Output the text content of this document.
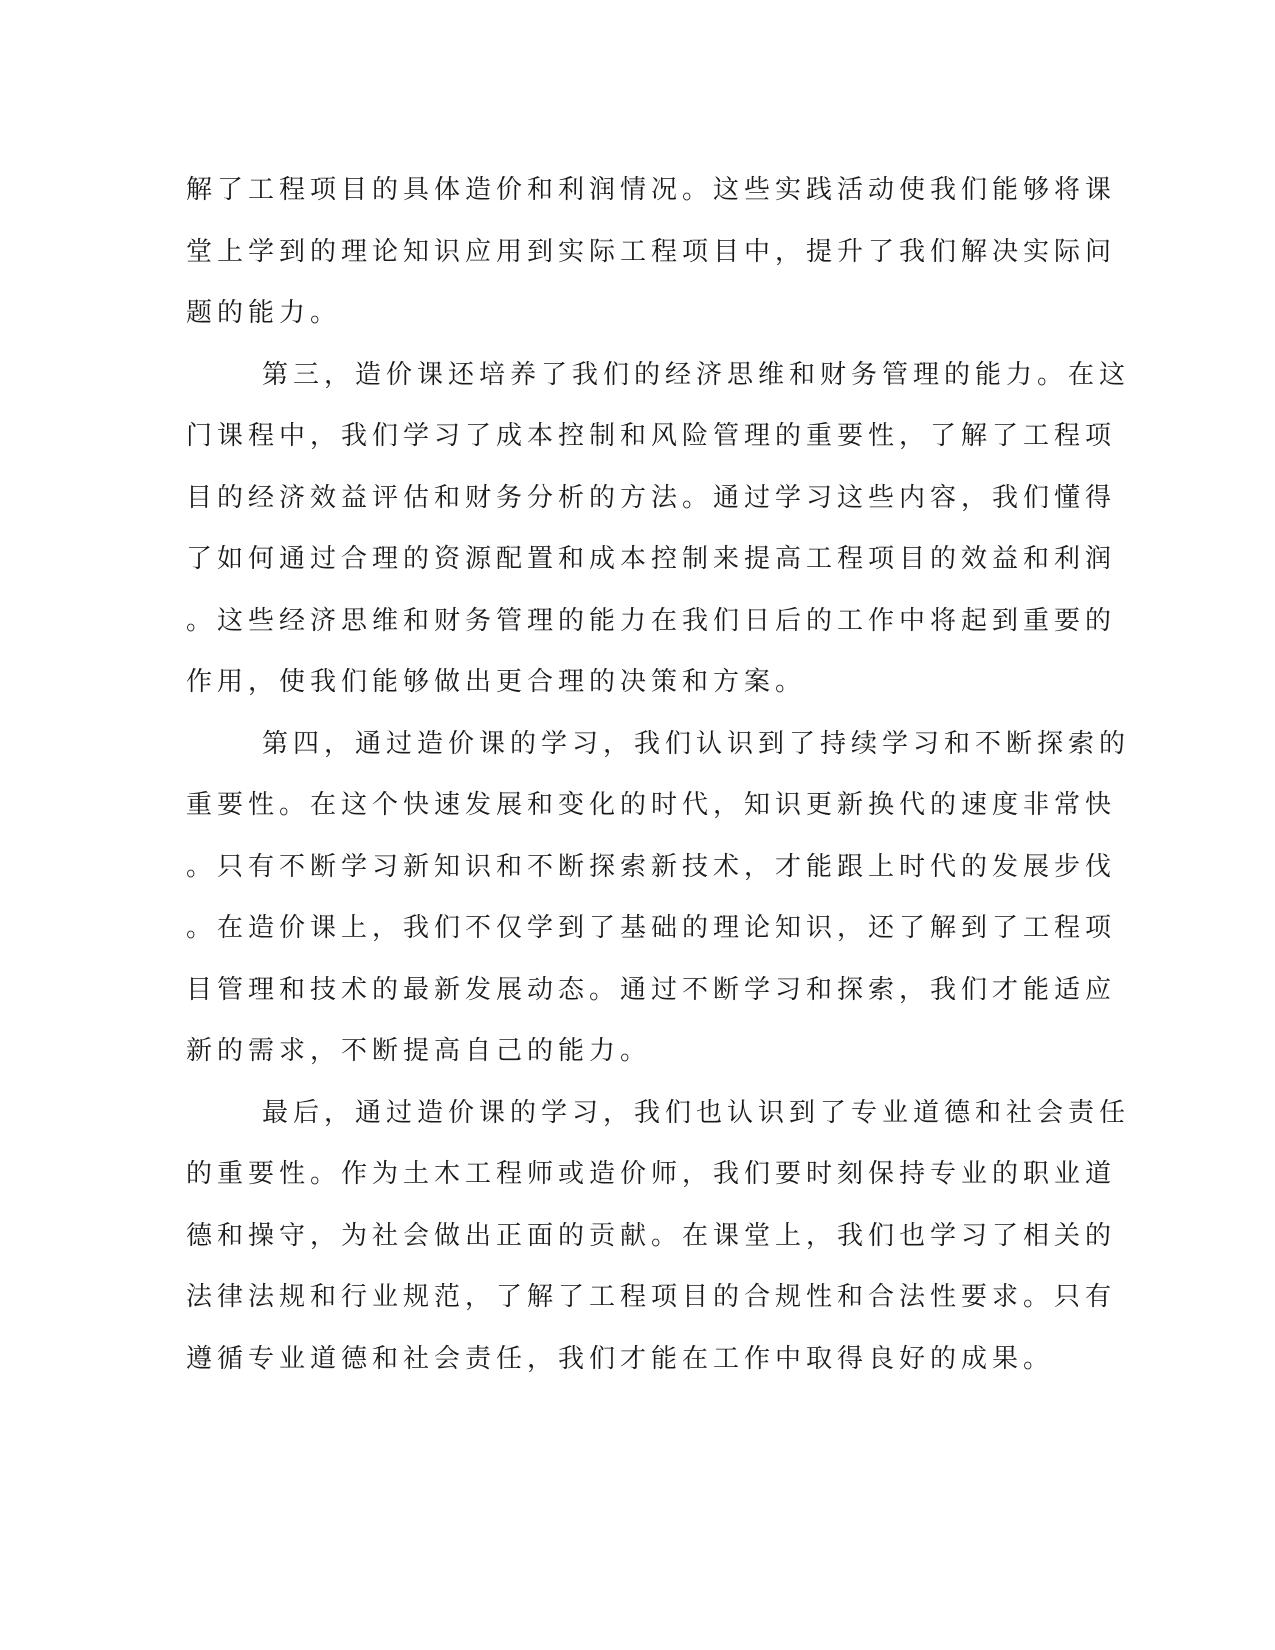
解了工程项目的具体造价和利润情况。这些实践活动使我们能够将课
堂上学到的理论知识应用到实际工程项目中，提升了我们解决实际问
题的能力。
第三，造价课还培养了我们的经济思维和财务管理的能力。在这
门课程中，我们学习了成本控制和风险管理的重要性，了解了工程项
目的经济效益评估和财务分析的方法。通过学习这些内容，我们懂得
了如何通过合理的资源配置和成本控制来提高工程项目的效益和利润
。这些经济思维和财务管理的能力在我们日后的工作中将起到重要的
作用，使我们能够做出更合理的决策和方案。
第四，通过造价课的学习，我们认识到了持续学习和不断探索的
重要性。在这个快速发展和变化的时代，知识更新换代的速度非常快
。只有不断学习新知识和不断探索新技术，才能跟上时代的发展步伐
。在造价课上，我们不仅学到了基础的理论知识，还了解到了工程项
目管理和技术的最新发展动态。通过不断学习和探索，我们才能适应
新的需求，不断提高自己的能力。
最后，通过造价课的学习，我们也认识到了专业道德和社会责任
的重要性。作为土木工程师或造价师，我们要时刻保持专业的职业道
德和操守，为社会做出正面的贡献。在课堂上，我们也学习了相关的
法律法规和行业规范，了解了工程项目的合规性和合法性要求。只有
遵循专业道德和社会责任，我们才能在工作中取得良好的成果。
